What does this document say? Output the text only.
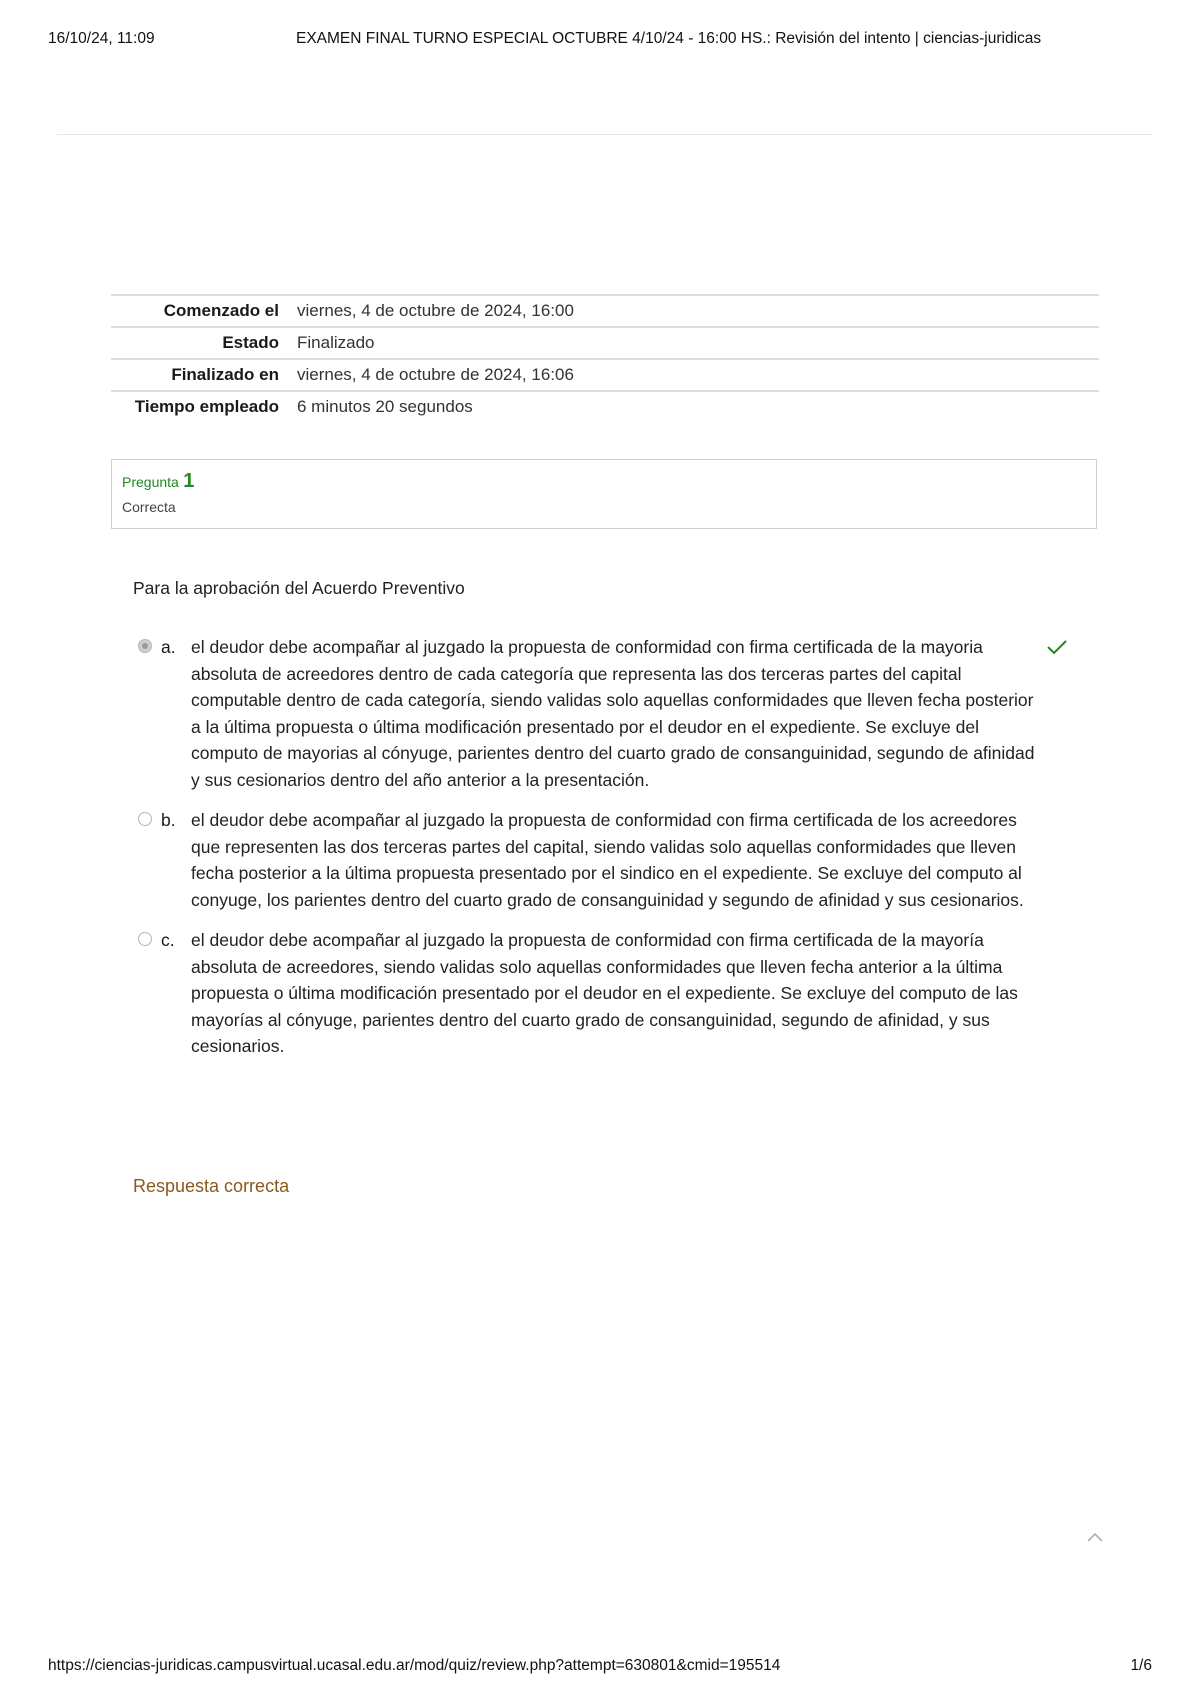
16/10/24, 11:09	EXAMEN FINAL TURNO ESPECIAL OCTUBRE 4/10/24 - 16:00 HS.: Revisión del intento | ciencias-juridicas
Comenzado el	viernes, 4 de octubre de 2024, 16:00
Estado	Finalizado
Finalizado en	viernes, 4 de octubre de 2024, 16:06
Tiempo empleado	6 minutos 20 segundos
Pregunta 1
Correcta
Para la aprobación del Acuerdo Preventivo
a. el deudor debe acompañar al juzgado la propuesta de conformidad con firma certificada de la mayoria absoluta de acreedores dentro de cada categoría que representa las dos terceras partes del capital computable dentro de cada categoría, siendo validas solo aquellas conformidades que lleven fecha posterior a la última propuesta o última modificación presentado por el deudor en el expediente. Se excluye del computo de mayorias al cónyuge, parientes dentro del cuarto grado de consanguinidad, segundo de afinidad y sus cesionarios dentro del año anterior a la presentación.
b. el deudor debe acompañar al juzgado la propuesta de conformidad con firma certificada de los acreedores que representen las dos terceras partes del capital, siendo validas solo aquellas conformidades que lleven fecha posterior a la última propuesta presentado por el sindico en el expediente. Se excluye del computo al conyuge, los parientes dentro del cuarto grado de consanguinidad y segundo de afinidad y sus cesionarios.
c. el deudor debe acompañar al juzgado la propuesta de conformidad con firma certificada de la mayoría absoluta de acreedores, siendo validas solo aquellas conformidades que lleven fecha anterior a la última propuesta o última modificación presentado por el deudor en el expediente. Se excluye del computo de las mayorías al cónyuge, parientes dentro del cuarto grado de consanguinidad, segundo de afinidad, y sus cesionarios.
Respuesta correcta
https://ciencias-juridicas.campusvirtual.ucasal.edu.ar/mod/quiz/review.php?attempt=630801&cmid=195514	1/6
